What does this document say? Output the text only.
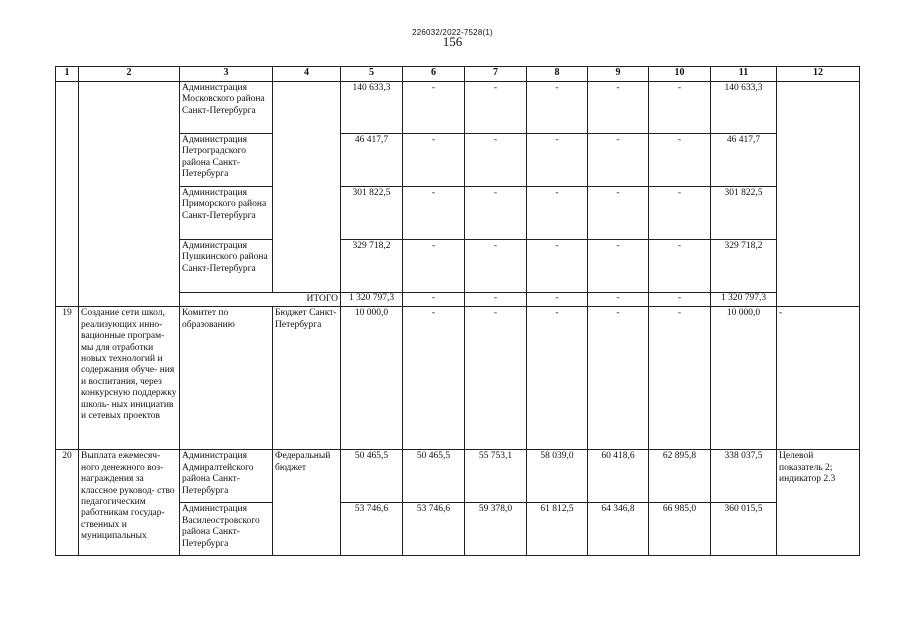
226032/2022-7528(1)
156
1	2	3	4	5	6	7	8	9	10	11	12
		Администрация Московского района Санкт-Петербурга		140 633,3	-	-	-	-	-	140 633,3	
		Администрация Петроградского района Санкт-Петербурга		46 417,7	-	-	-	-	-	46 417,7	
		Администрация Приморского района Санкт-Петербурга		301 822,5	-	-	-	-	-	301 822,5	
		Администрация Пушкинского района Санкт-Петербурга		329 718,2	-	-	-	-	-	329 718,2	
		ИТОГО		1 320 797,3	-	-	-	-	-	1 320 797,3	
19	Создание сети школ, реализующих инно- вационные програм- мы для отработки новых технологий и содержания обуче- ния и воспитания, через конкурсную поддержку школь- ных инициатив и сетевых проектов	Комитет по образованию	Бюджет Санкт- Петербурга	10 000,0	-	-	-	-	-	10 000,0	-
20	Выплата ежемесяч- ного денежного воз- награждения за классное руковод- ство педагогическим работникам государ- ственных и муниципальных	Администрация Адмиралтейского района Санкт-Петербурга	Федеральный бюджет	50 465,5	50 465,5	55 753,1	58 039,0	60 418,6	62 895,8	338 037,5	Целевой показатель 2; индикатор 2.3
		Администрация Василеостровского района Санкт-Петербурга		53 746,6	53 746,6	59 378,0	61 812,5	64 346,8	66 985,0	360 015,5	
